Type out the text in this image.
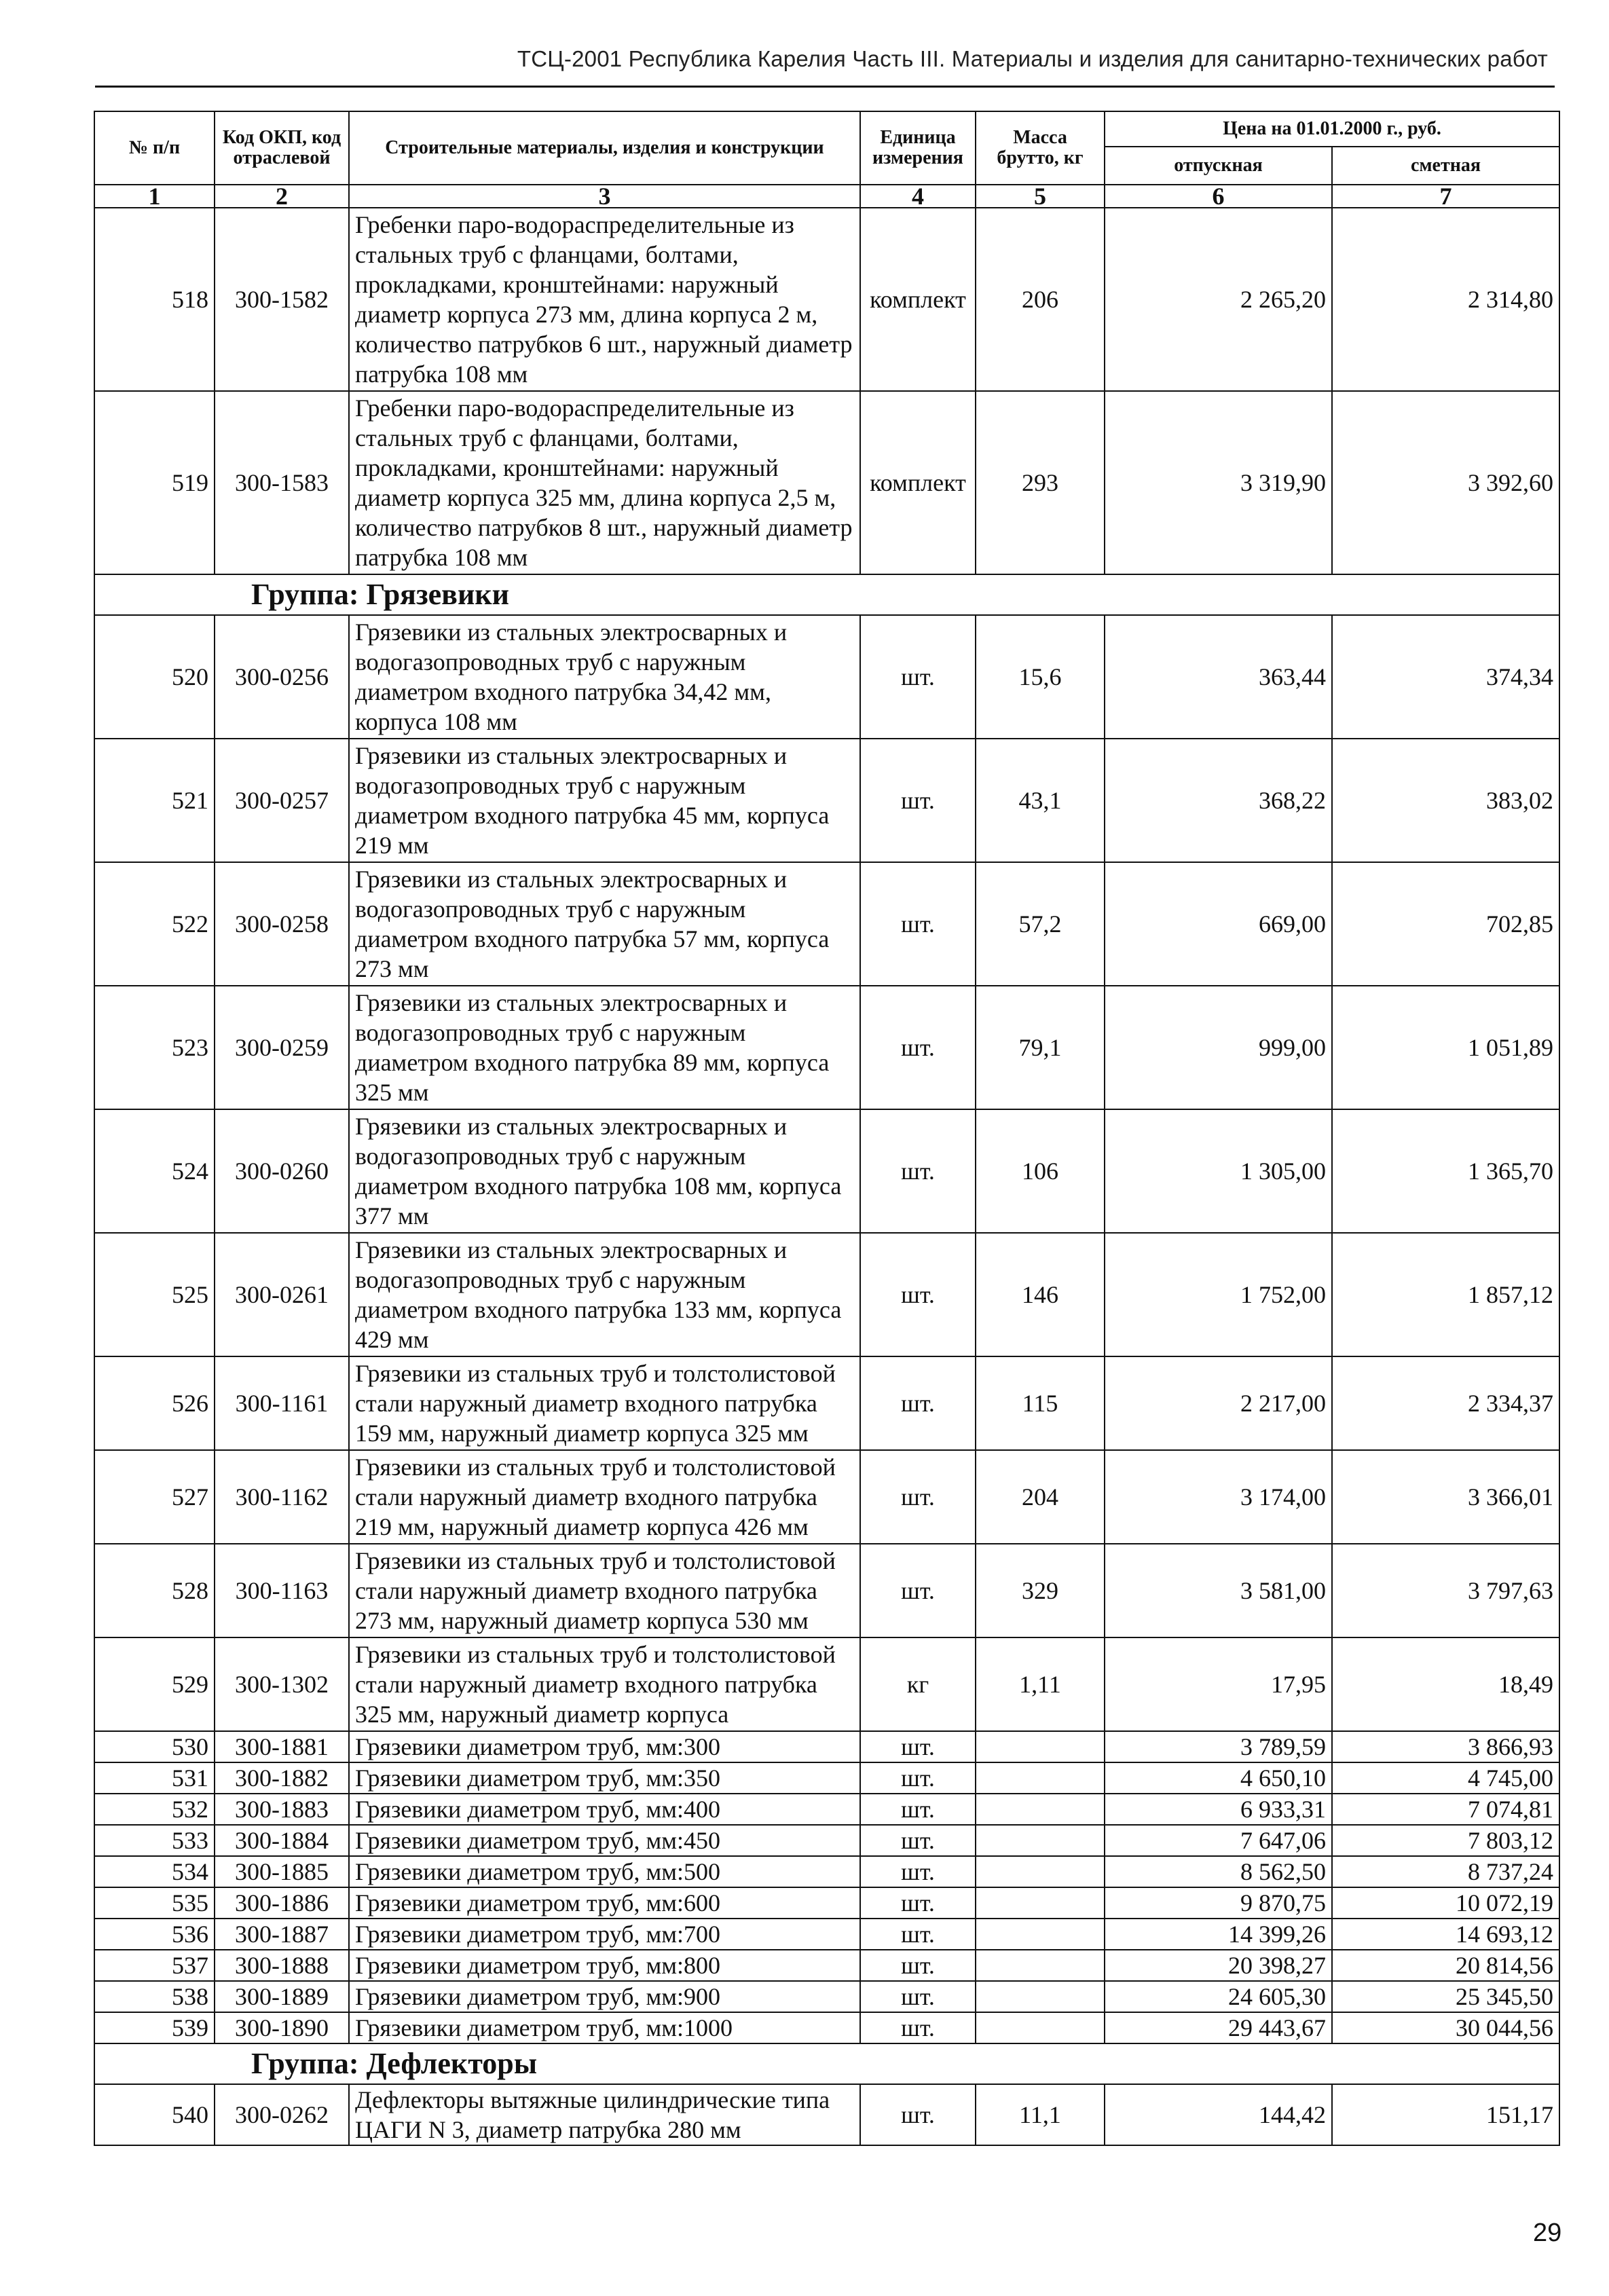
ТСЦ-2001 Республика Карелия Часть III. Материалы и изделия для санитарно-технических работ
№ п/п	Код ОКП, код отраслевой	Строительные материалы, изделия и конструкции	Единица измерения	Масса брутто, кг	Цена на 01.01.2000 г., руб.	
					отпускная	сметная
1	2	3	4	5	6	7
518	300-1582	Гребенки паро-водораспределительные из стальных труб с фланцами, болтами, прокладками, кронштейнами: наружный диаметр корпуса 273 мм, длина корпуса 2 м, количество патрубков 6 шт., наружный диаметр патрубка 108 мм	комплект	206	2 265,20	2 314,80
519	300-1583	Гребенки паро-водораспределительные из стальных труб с фланцами, болтами, прокладками, кронштейнами: наружный диаметр корпуса 325 мм, длина корпуса 2,5 м, количество патрубков 8 шт., наружный диаметр патрубка 108 мм	комплект	293	3 319,90	3 392,60
Группа: Грязевики						
520	300-0256	Грязевики из стальных электросварных и водогазопроводных труб с наружным диаметром входного патрубка 34,42 мм, корпуса 108 мм	шт.	15,6	363,44	374,34
521	300-0257	Грязевики из стальных электросварных и водогазопроводных труб с наружным диаметром входного патрубка 45 мм, корпуса 219 мм	шт.	43,1	368,22	383,02
522	300-0258	Грязевики из стальных электросварных и водогазопроводных труб с наружным диаметром входного патрубка 57 мм, корпуса 273 мм	шт.	57,2	669,00	702,85
523	300-0259	Грязевики из стальных электросварных и водогазопроводных труб с наружным диаметром входного патрубка 89 мм, корпуса 325 мм	шт.	79,1	999,00	1 051,89
524	300-0260	Грязевики из стальных электросварных и водогазопроводных труб с наружным диаметром входного патрубка 108 мм, корпуса 377 мм	шт.	106	1 305,00	1 365,70
525	300-0261	Грязевики из стальных электросварных и водогазопроводных труб с наружным диаметром входного патрубка 133 мм, корпуса 429 мм	шт.	146	1 752,00	1 857,12
526	300-1161	Грязевики из стальных труб и толстолистовой стали наружный диаметр входного патрубка 159 мм, наружный диаметр корпуса 325 мм	шт.	115	2 217,00	2 334,37
527	300-1162	Грязевики из стальных труб и толстолистовой стали наружный диаметр входного патрубка 219 мм, наружный диаметр корпуса 426 мм	шт.	204	3 174,00	3 366,01
528	300-1163	Грязевики из стальных труб и толстолистовой стали наружный диаметр входного патрубка 273 мм, наружный диаметр корпуса 530 мм	шт.	329	3 581,00	3 797,63
529	300-1302	Грязевики из стальных труб и толстолистовой стали наружный диаметр входного патрубка 325 мм, наружный диаметр корпуса	кг	1,11	17,95	18,49
530	300-1881	Грязевики диаметром труб, мм:300	шт.		3 789,59	3 866,93
531	300-1882	Грязевики диаметром труб, мм:350	шт.		4 650,10	4 745,00
532	300-1883	Грязевики диаметром труб, мм:400	шт.		6 933,31	7 074,81
533	300-1884	Грязевики диаметром труб, мм:450	шт.		7 647,06	7 803,12
534	300-1885	Грязевики диаметром труб, мм:500	шт.		8 562,50	8 737,24
535	300-1886	Грязевики диаметром труб, мм:600	шт.		9 870,75	10 072,19
536	300-1887	Грязевики диаметром труб, мм:700	шт.		14 399,26	14 693,12
537	300-1888	Грязевики диаметром труб, мм:800	шт.		20 398,27	20 814,56
538	300-1889	Грязевики диаметром труб, мм:900	шт.		24 605,30	25 345,50
539	300-1890	Грязевики диаметром труб, мм:1000	шт.		29 443,67	30 044,56
Группа: Дефлекторы						
540	300-0262	Дефлекторы вытяжные цилиндрические типа ЦАГИ N 3, диаметр патрубка 280 мм	шт.	11,1	144,42	151,17
29
